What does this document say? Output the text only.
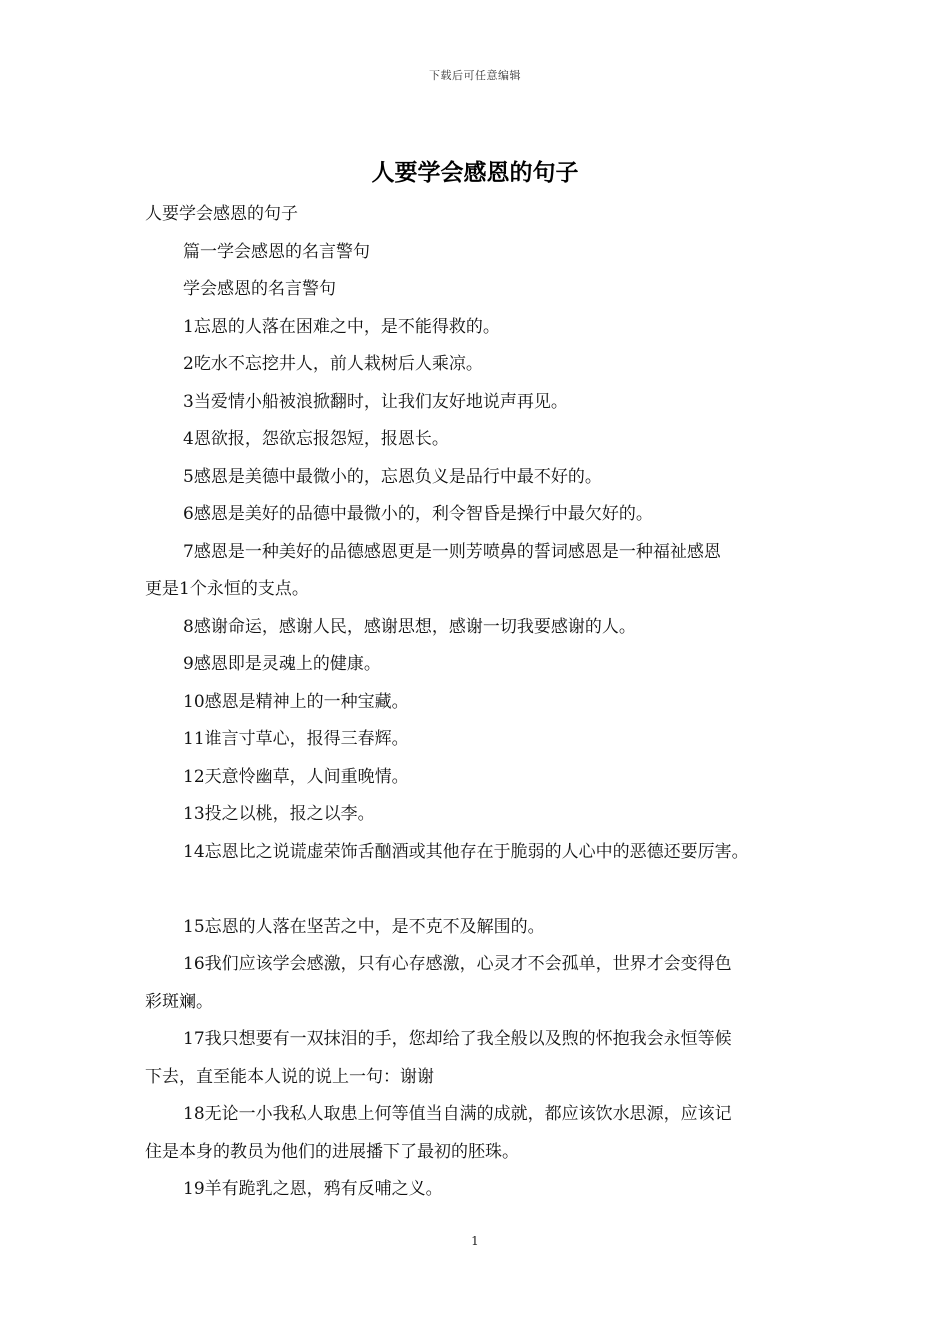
下载后可任意编辑
人要学会感恩的句子

人要学会感恩的句子

篇一学会感恩的名言警句

学会感恩的名言警句

1忘恩的人落在困难之中，是不能得救的。

2吃水不忘挖井人，前人栽树后人乘凉。

3当爱情小船被浪掀翻时，让我们友好地说声再见。

4恩欲报，怨欲忘报怨短，报恩长。

5感恩是美德中最微小的，忘恩负义是品行中最不好的。

6感恩是美好的品德中最微小的，利令智昏是操行中最欠好的。

7感恩是一种美好的品德感恩更是一则芳喷鼻的誓词感恩是一种福祉感恩

更是1个永恒的支点。

8感谢命运，感谢人民，感谢思想，感谢一切我要感谢的人。

9感恩即是灵魂上的健康。

10感恩是精神上的一种宝藏。

11谁言寸草心，报得三春辉。

12天意怜幽草，人间重晚情。

13投之以桃，报之以李。

14忘恩比之说谎虚荣饰舌酗酒或其他存在于脆弱的人心中的恶德还要厉害。

15忘恩的人落在坚苦之中，是不克不及解围的。

16我们应该学会感激，只有心存感激，心灵才不会孤单，世界才会变得色

彩斑斓。

17我只想要有一双抹泪的手，您却给了我全般以及煦的怀抱我会永恒等候

下去，直至能本人说的说上一句：谢谢

18无论一小我私人取患上何等值当自满的成就，都应该饮水思源，应该记

住是本身的教员为他们的进展播下了最初的胚珠。

19羊有跪乳之恩，鸦有反哺之义。

1
